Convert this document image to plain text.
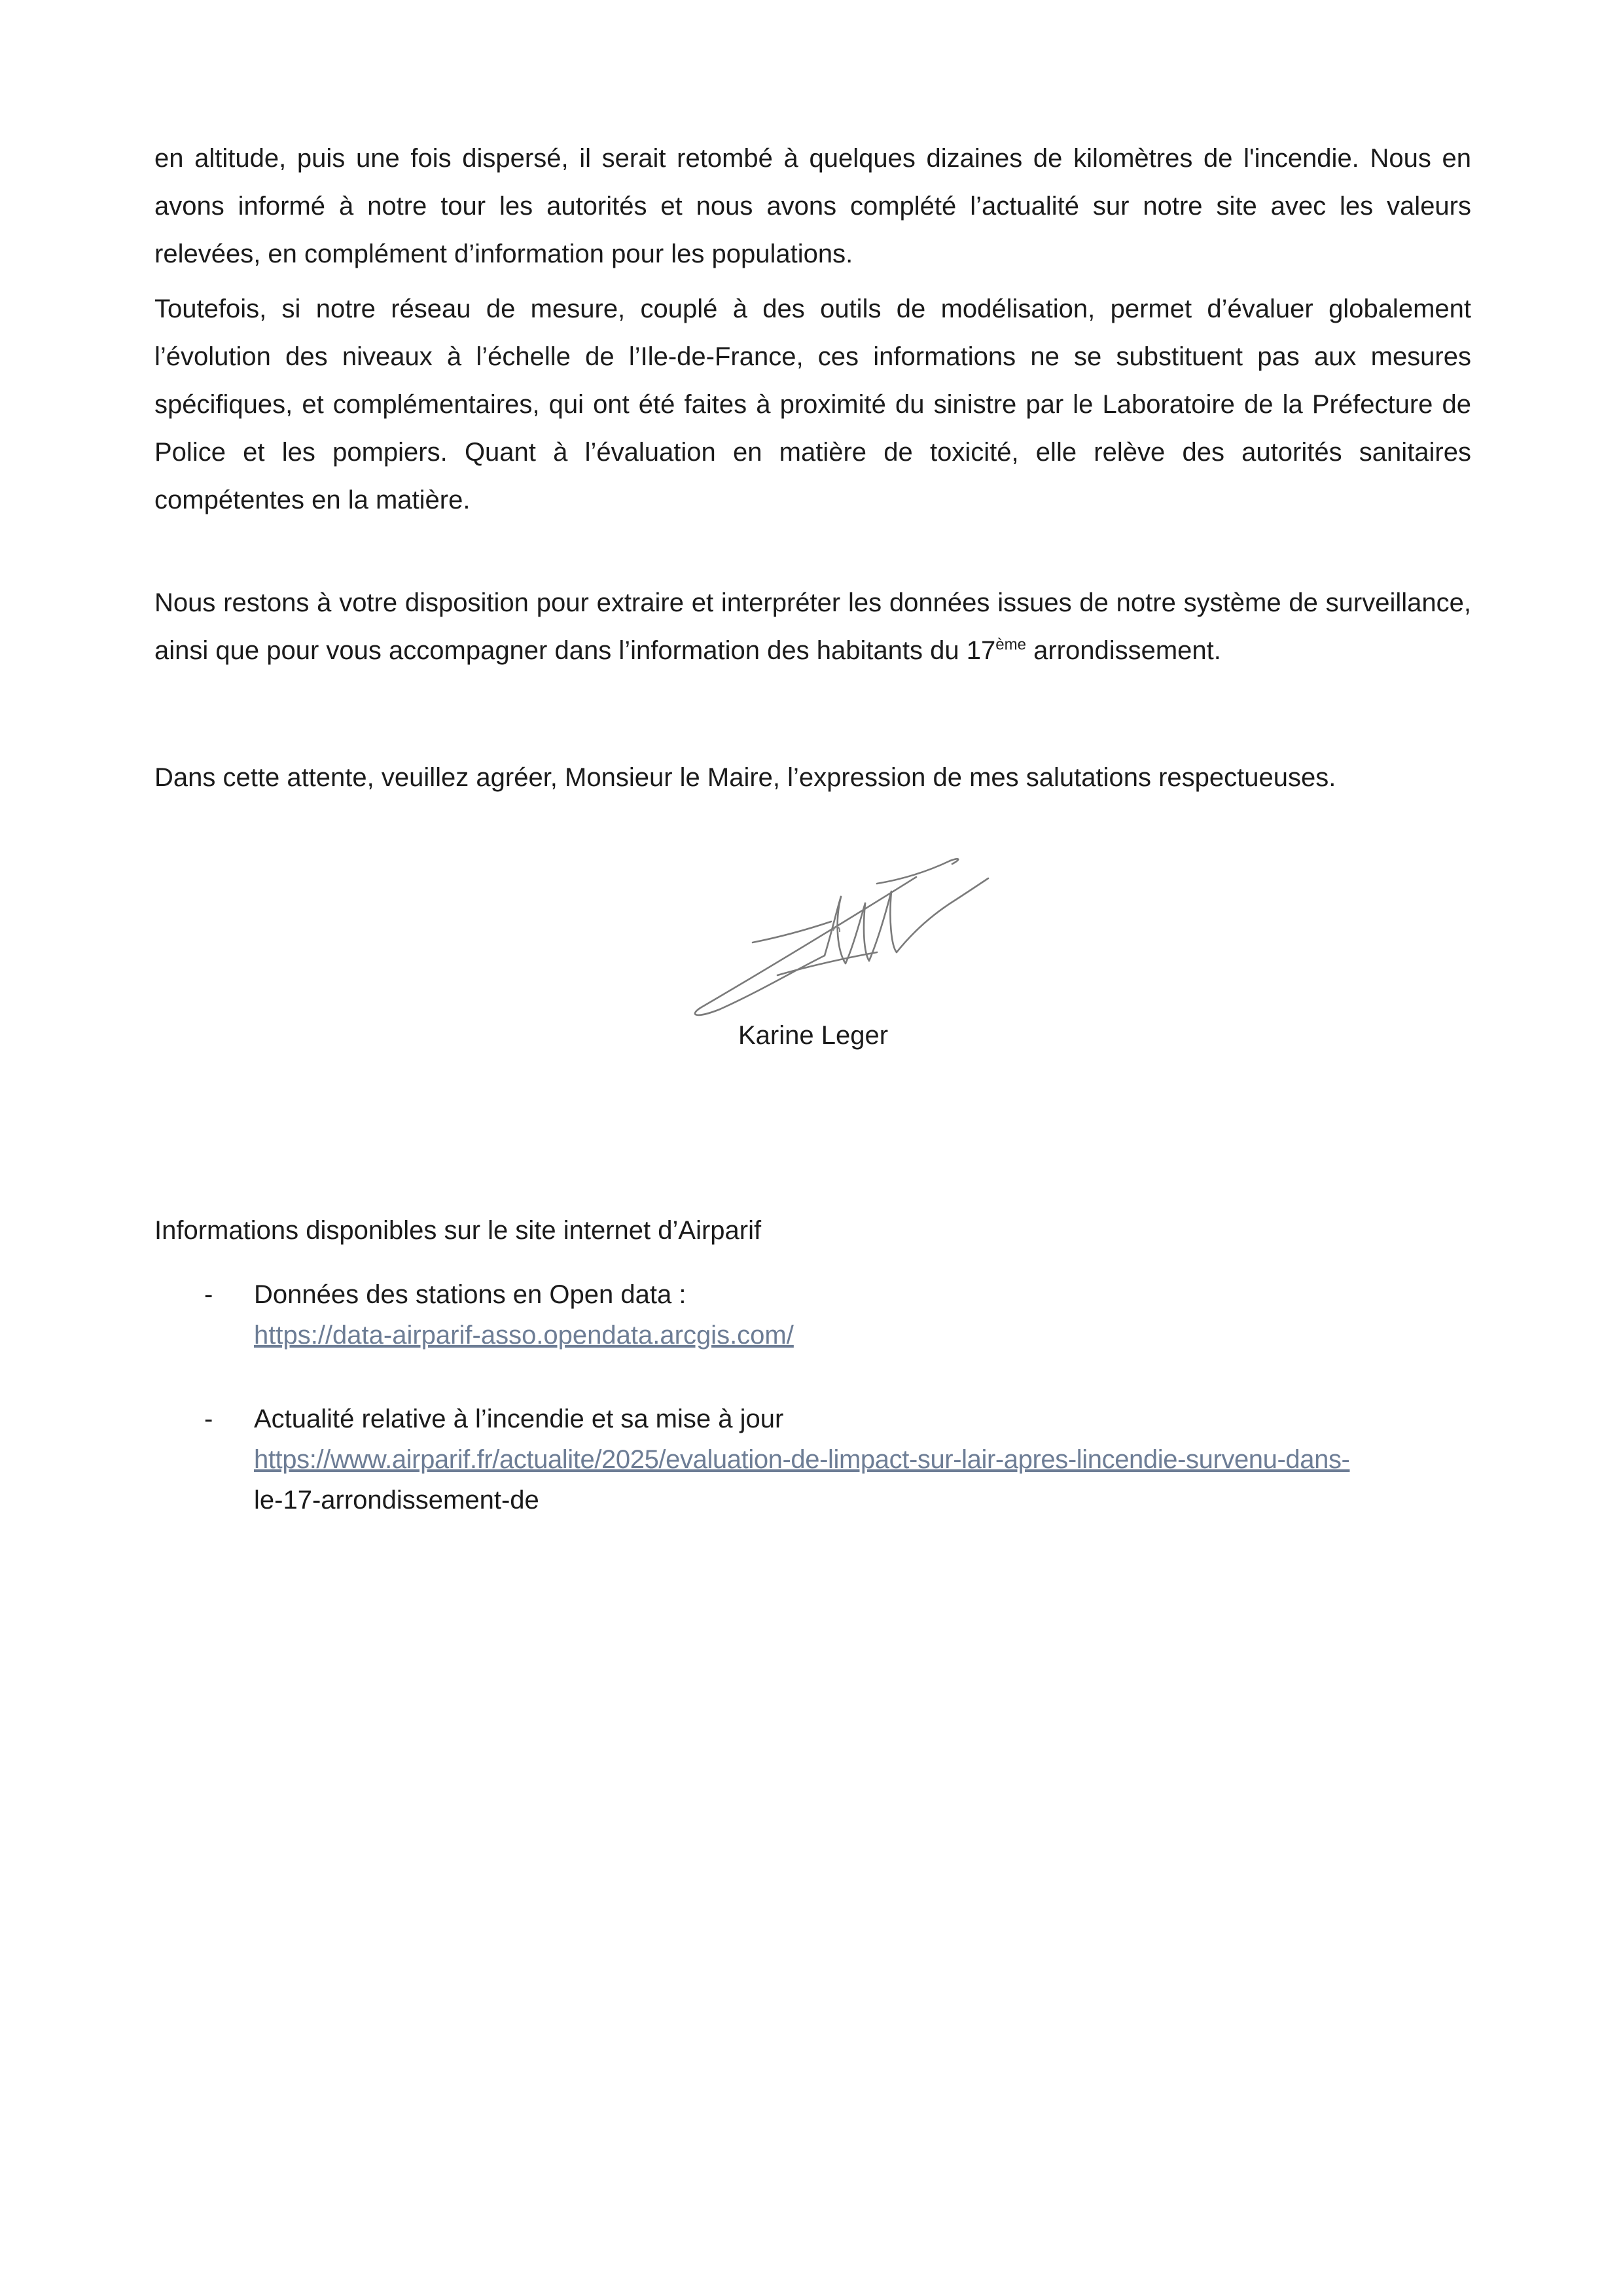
en altitude, puis une fois dispersé, il serait retombé à quelques dizaines de kilomètres de l'incendie. Nous en avons informé à notre tour les autorités et nous avons complété l’actualité sur notre site avec les valeurs relevées, en complément d’information pour les populations.

Toutefois, si notre réseau de mesure, couplé à des outils de modélisation, permet d’évaluer globalement l’évolution des niveaux à l’échelle de l’Ile-de-France, ces informations ne se substituent pas aux mesures spécifiques, et complémentaires, qui ont été faites à proximité du sinistre par le Laboratoire de la Préfecture de Police et les pompiers. Quant à l’évaluation en matière de toxicité, elle relève des autorités sanitaires compétentes en la matière.

Nous restons à votre disposition pour extraire et interpréter les données issues de notre système de surveillance, ainsi que pour vous accompagner dans l’information des habitants du 17ème arrondissement.

Dans cette attente, veuillez agréer, Monsieur le Maire, l’expression de mes salutations respectueuses.

Karine Leger

Informations disponibles sur le site internet d’Airparif

- Données des stations en Open data :
https://data-airparif-asso.opendata.arcgis.com/
- Actualité relative à l’incendie et sa mise à jour
https://www.airparif.fr/actualite/2025/evaluation-de-limpact-sur-lair-apres-lincendie-survenu-dans-
le-17-arrondissement-de
